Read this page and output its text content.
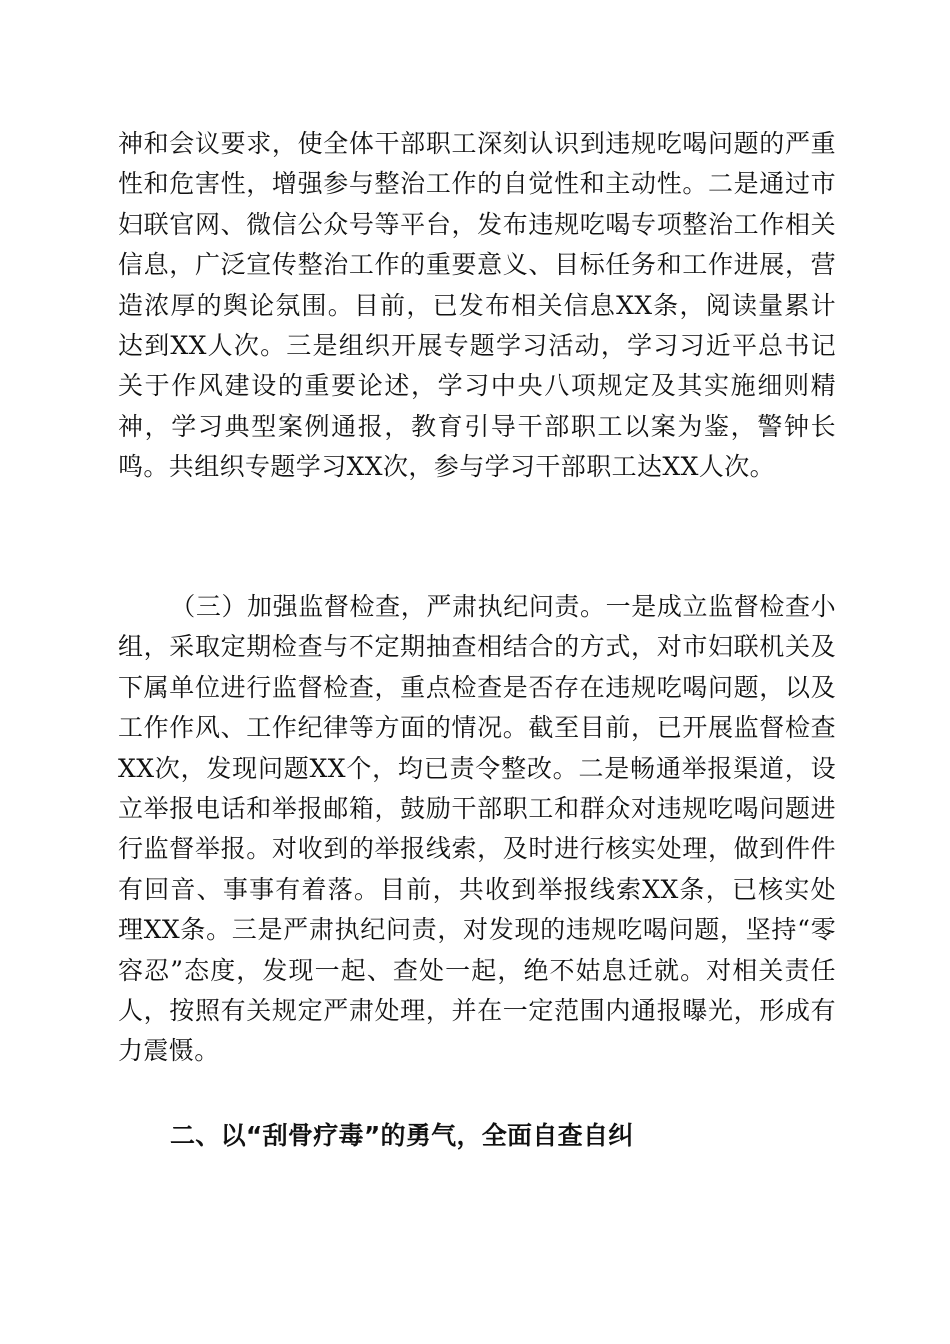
神和会议要求，使全体干部职工深刻认识到违规吃喝问题的严重性和危害性，增强参与整治工作的自觉性和主动性。二是通过市妇联官网、微信公众号等平台，发布违规吃喝专项整治工作相关信息，广泛宣传整治工作的重要意义、目标任务和工作进展，营造浓厚的舆论氛围。目前，已发布相关信息XX条，阅读量累计达到XX人次。三是组织开展专题学习活动，学习习近平总书记关于作风建设的重要论述，学习中央八项规定及其实施细则精神，学习典型案例通报，教育引导干部职工以案为鉴，警钟长鸣。共组织专题学习XX次，参与学习干部职工达XX人次。

（三）加强监督检查，严肃执纪问责。一是成立监督检查小组，采取定期检查与不定期抽查相结合的方式，对市妇联机关及下属单位进行监督检查，重点检查是否存在违规吃喝问题，以及工作作风、工作纪律等方面的情况。截至目前，已开展监督检查XX次，发现问题XX个，均已责令整改。二是畅通举报渠道，设立举报电话和举报邮箱，鼓励干部职工和群众对违规吃喝问题进行监督举报。对收到的举报线索，及时进行核实处理，做到件件有回音、事事有着落。目前，共收到举报线索XX条，已核实处理XX条。三是严肃执纪问责，对发现的违规吃喝问题，坚持“零容忍”态度，发现一起、查处一起，绝不姑息迁就。对相关责任人，按照有关规定严肃处理，并在一定范围内通报曝光，形成有力震慑。

二、以“刮骨疗毒”的勇气，全面自查自纠
